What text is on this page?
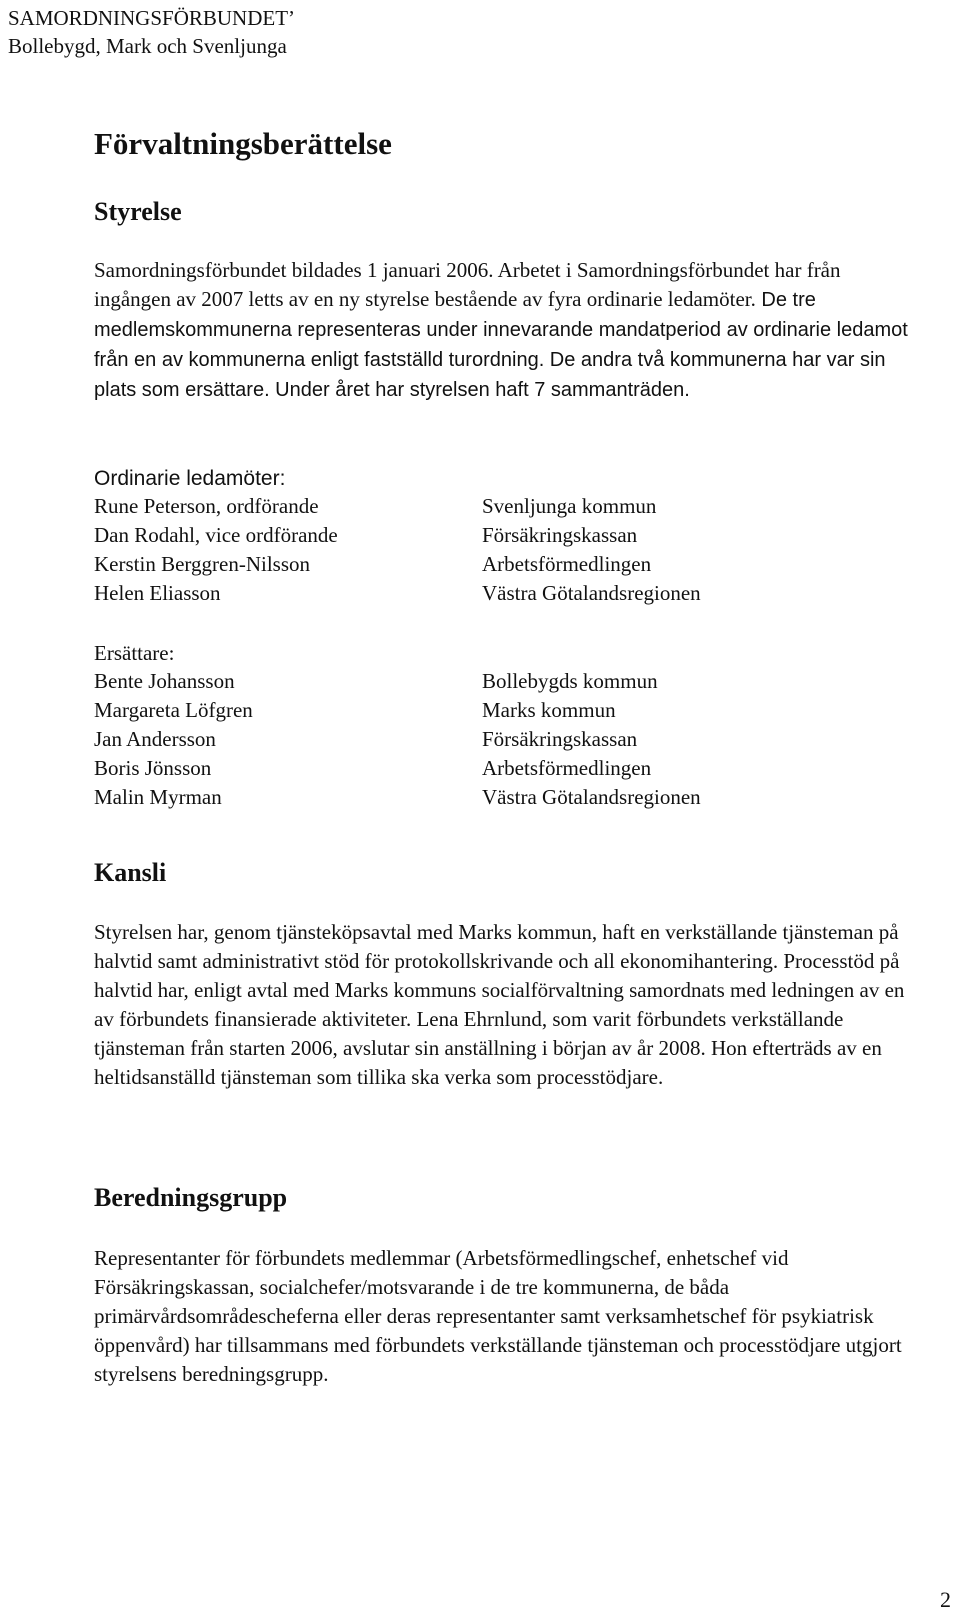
SAMORDNINGSFÖRBUNDET’
Bollebygd, Mark och Svenljunga
Förvaltningsberättelse
Styrelse

Samordningsförbundet bildades 1 januari 2006. Arbetet i Samordningsförbundet har från ingången av 2007 letts av en ny styrelse bestående av fyra ordinarie ledamöter. De tre medlemskommunerna representeras under innevarande mandatperiod av ordinarie ledamot från en av kommunerna enligt fastställd turordning. De andra två kommunerna har var sin plats som ersättare. Under året har styrelsen haft 7 sammanträden.

Ordinarie ledamöter:
Rune Peterson, ordförande
Dan Rodahl, vice ordförande
Kerstin Berggren-Nilsson
Helen Eliasson
Svenljunga kommun
Försäkringskassan
Arbetsförmedlingen
Västra Götalandsregionen
Ersättare:
Bente Johansson
Margareta Löfgren
Jan Andersson
Boris Jönsson
Malin Myrman
Bollebygds kommun
Marks kommun
Försäkringskassan
Arbetsförmedlingen
Västra Götalandsregionen
Kansli

Styrelsen har, genom tjänsteköpsavtal med Marks kommun, haft en verkställande tjänsteman på halvtid samt administrativt stöd för protokollskrivande och all ekonomihantering. Processtöd på halvtid har, enligt avtal med Marks kommuns socialförvaltning samordnats med ledningen av en av förbundets finansierade aktiviteter. Lena Ehrnlund, som varit förbundets verkställande tjänsteman från starten 2006, avslutar sin anställning i början av år 2008. Hon efterträds av en heltidsanställd tjänsteman som tillika ska verka som processtödjare.

Beredningsgrupp

Representanter för förbundets medlemmar (Arbetsförmedlingschef, enhetschef vid Försäkringskassan, socialchefer/motsvarande i de tre kommunerna, de båda primärvårdsområdescheferna eller deras representanter samt verksamhetschef för psykiatrisk öppenvård) har tillsammans med förbundets verkställande tjänsteman och processtödjare utgjort styrelsens beredningsgrupp.

2
